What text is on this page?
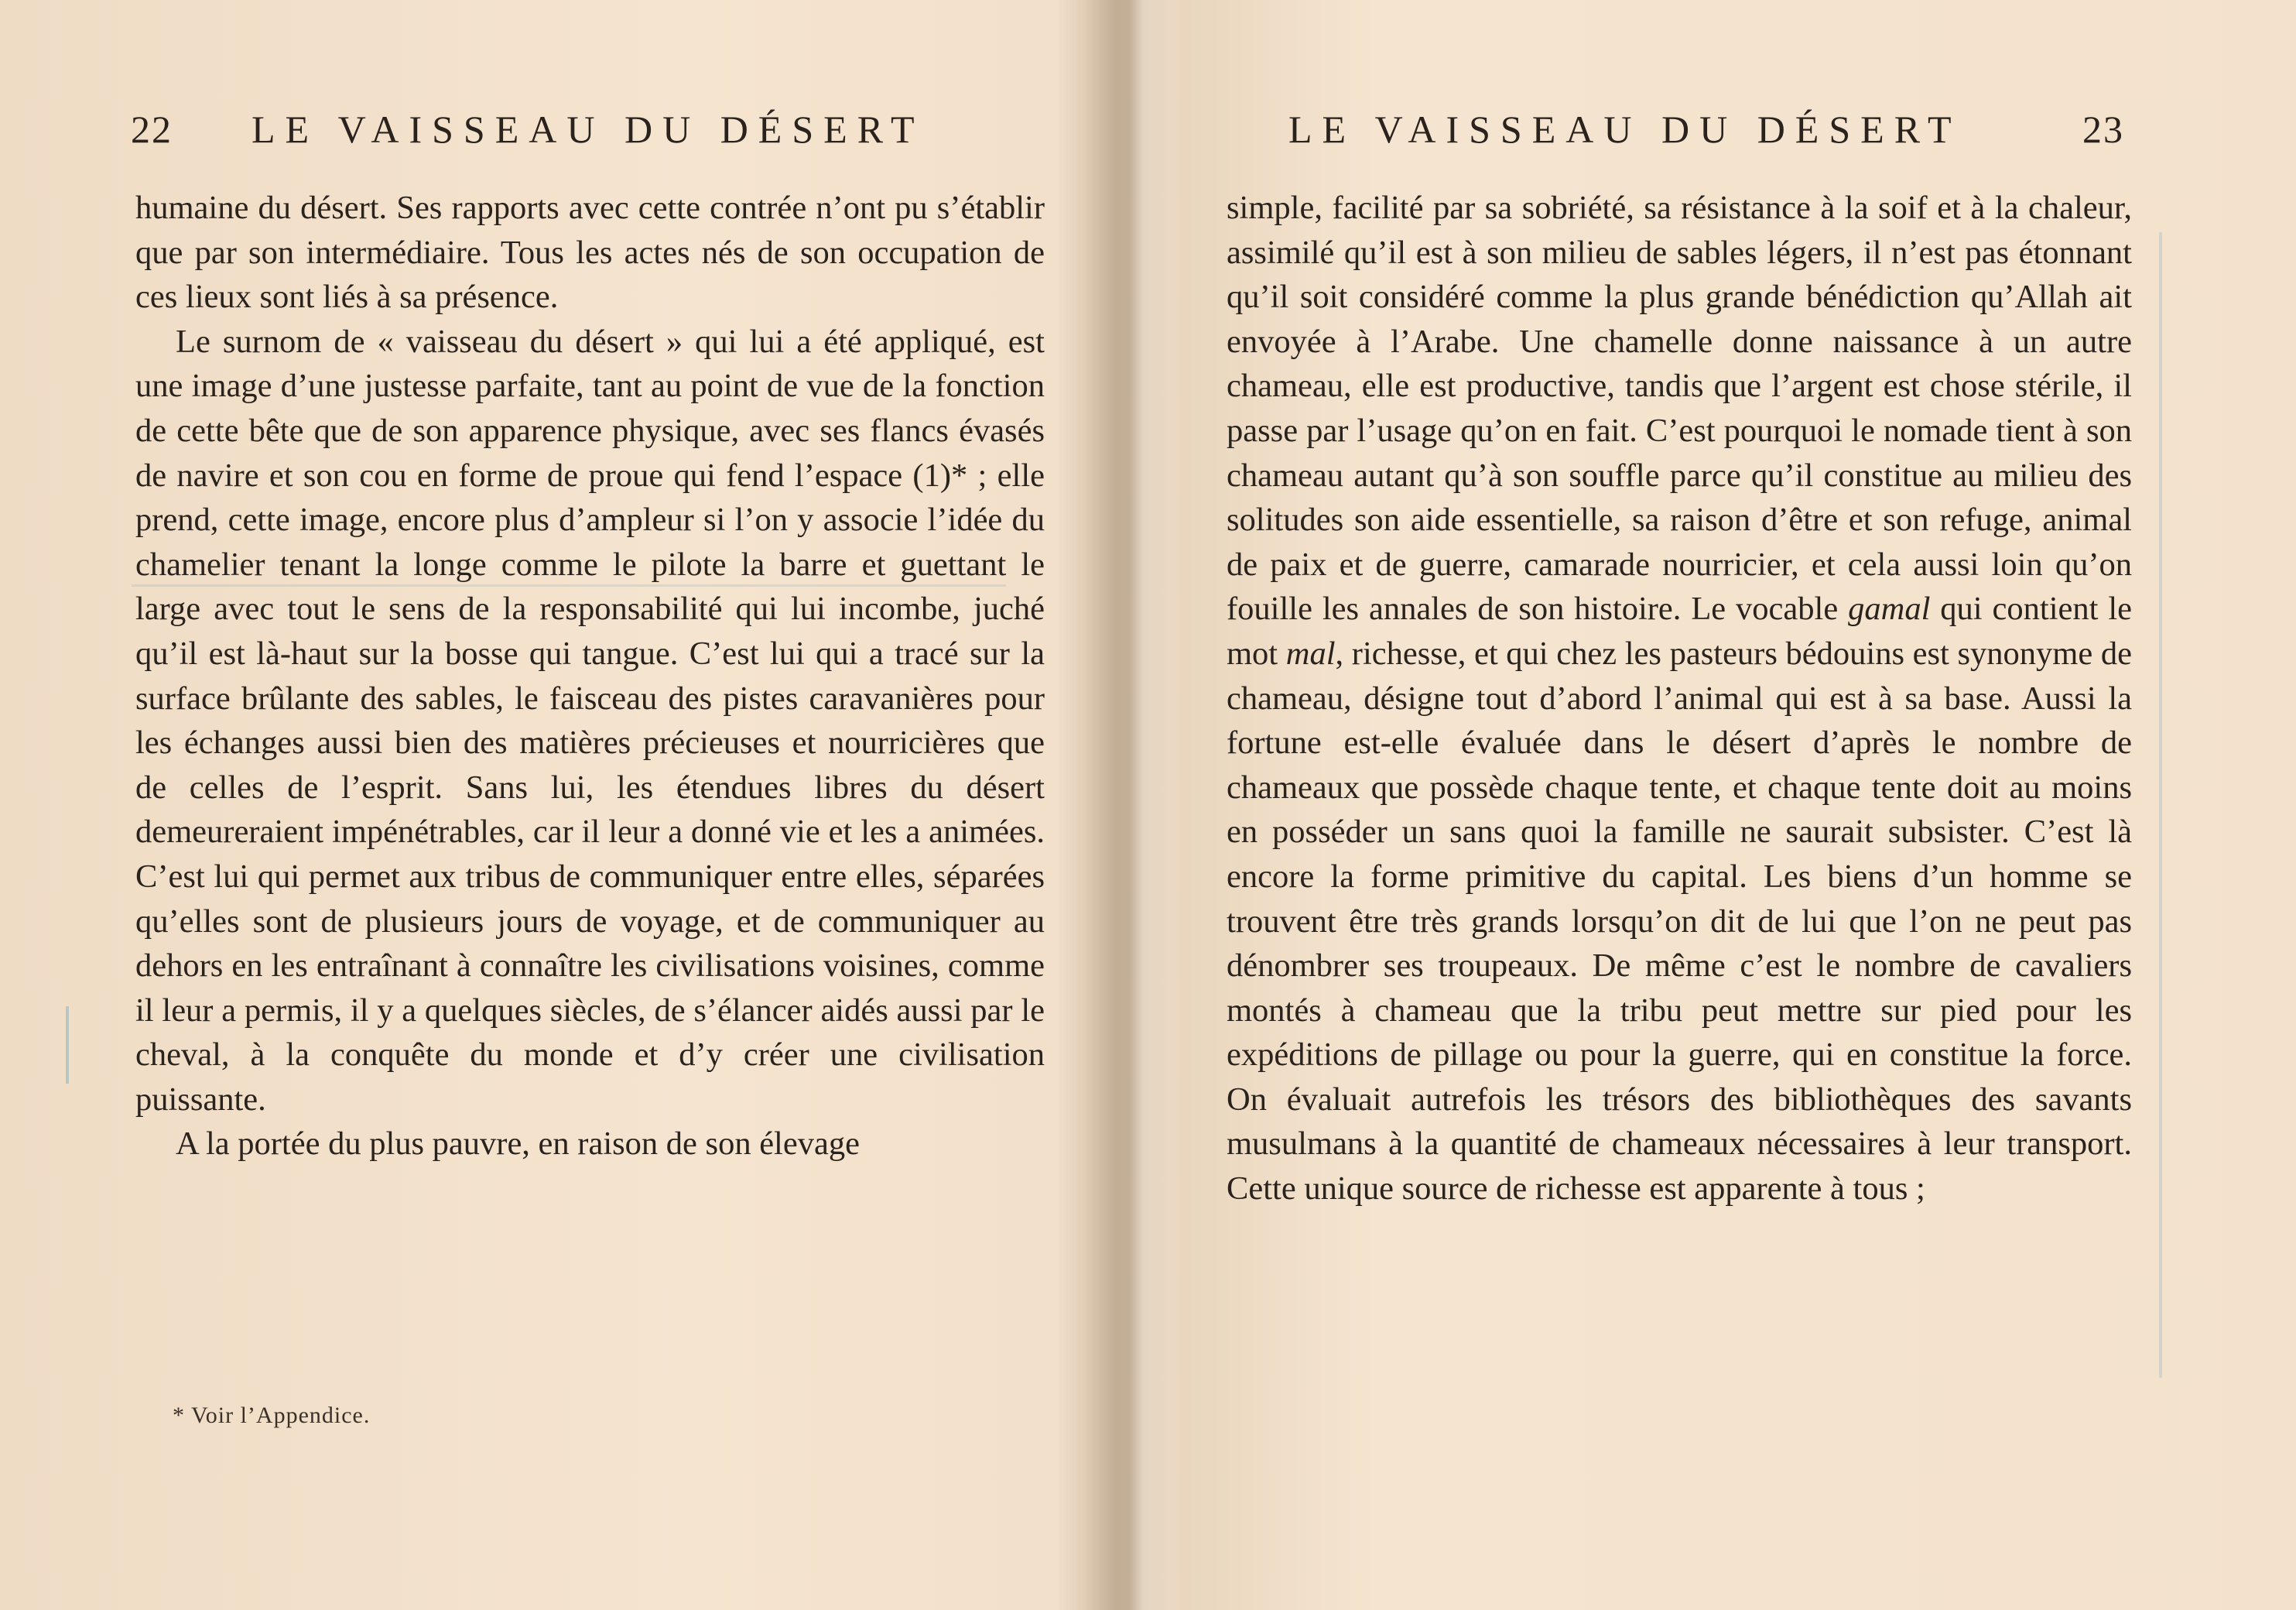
22 LE VAISSEAU DU DÉSERT

humaine du désert. Ses rapports avec cette contrée n’ont pu s’établir que par son intermédiaire. Tous les actes nés de son occupation de ces lieux sont liés à sa présence.

Le surnom de « vaisseau du désert » qui lui a été appliqué, est une image d’une justesse parfaite, tant au point de vue de la fonction de cette bête que de son apparence physique, avec ses flancs évasés de navire et son cou en forme de proue qui fend l’espace (1)* ; elle prend, cette image, encore plus d’ampleur si l’on y associe l’idée du chamelier tenant la longe comme le pilote la barre et guettant le large avec tout le sens de la responsabilité qui lui incombe, juché qu’il est là-haut sur la bosse qui tangue. C’est lui qui a tracé sur la surface brûlante des sables, le faisceau des pistes caravanières pour les échanges aussi bien des matières précieuses et nourricières que de celles de l’esprit. Sans lui, les étendues libres du désert demeureraient impénétrables, car il leur a donné vie et les a animées. C’est lui qui permet aux tribus de communiquer entre elles, séparées qu’elles sont de plusieurs jours de voyage, et de communiquer au dehors en les entraînant à connaître les civilisations voisines, comme il leur a permis, il y a quelques siècles, de s’élancer aidés aussi par le cheval, à la conquête du monde et d’y créer une civilisation puissante.

A la portée du plus pauvre, en raison de son élevage

* Voir l’Appendice.
LE VAISSEAU DU DÉSERT	23

simple, facilité par sa sobriété, sa résistance à la soif et à la chaleur, assimilé qu’il est à son milieu de sables légers, il n’est pas étonnant qu’il soit considéré comme la plus grande bénédiction qu’Allah ait envoyée à l’Arabe. Une chamelle donne naissance à un autre chameau, elle est productive, tandis que l’argent est chose stérile, il passe par l’usage qu’on en fait. C’est pourquoi le nomade tient à son chameau autant qu’à son souffle parce qu’il constitue au milieu des solitudes son aide essentielle, sa raison d’être et son refuge, animal de paix et de guerre, camarade nourricier, et cela aussi loin qu’on fouille les annales de son histoire. Le vocable gamal qui contient le mot mal, richesse, et qui chez les pasteurs bédouins est synonyme de chameau, désigne tout d’abord l’animal qui est à sa base. Aussi la fortune est-elle évaluée dans le désert d’après le nombre de chameaux que possède chaque tente, et chaque tente doit au moins en posséder un sans quoi la famille ne saurait subsister. C’est là encore la forme primitive du capital. Les biens d’un homme se trouvent être très grands lorsqu’on dit de lui que l’on ne peut pas dénombrer ses troupeaux. De même c’est le nombre de cavaliers montés à chameau que la tribu peut mettre sur pied pour les expéditions de pillage ou pour la guerre, qui en constitue la force. On évaluait autrefois les trésors des bibliothèques des savants musulmans à la quantité de chameaux nécessaires à leur transport. Cette unique source de richesse est apparente à tous ;
